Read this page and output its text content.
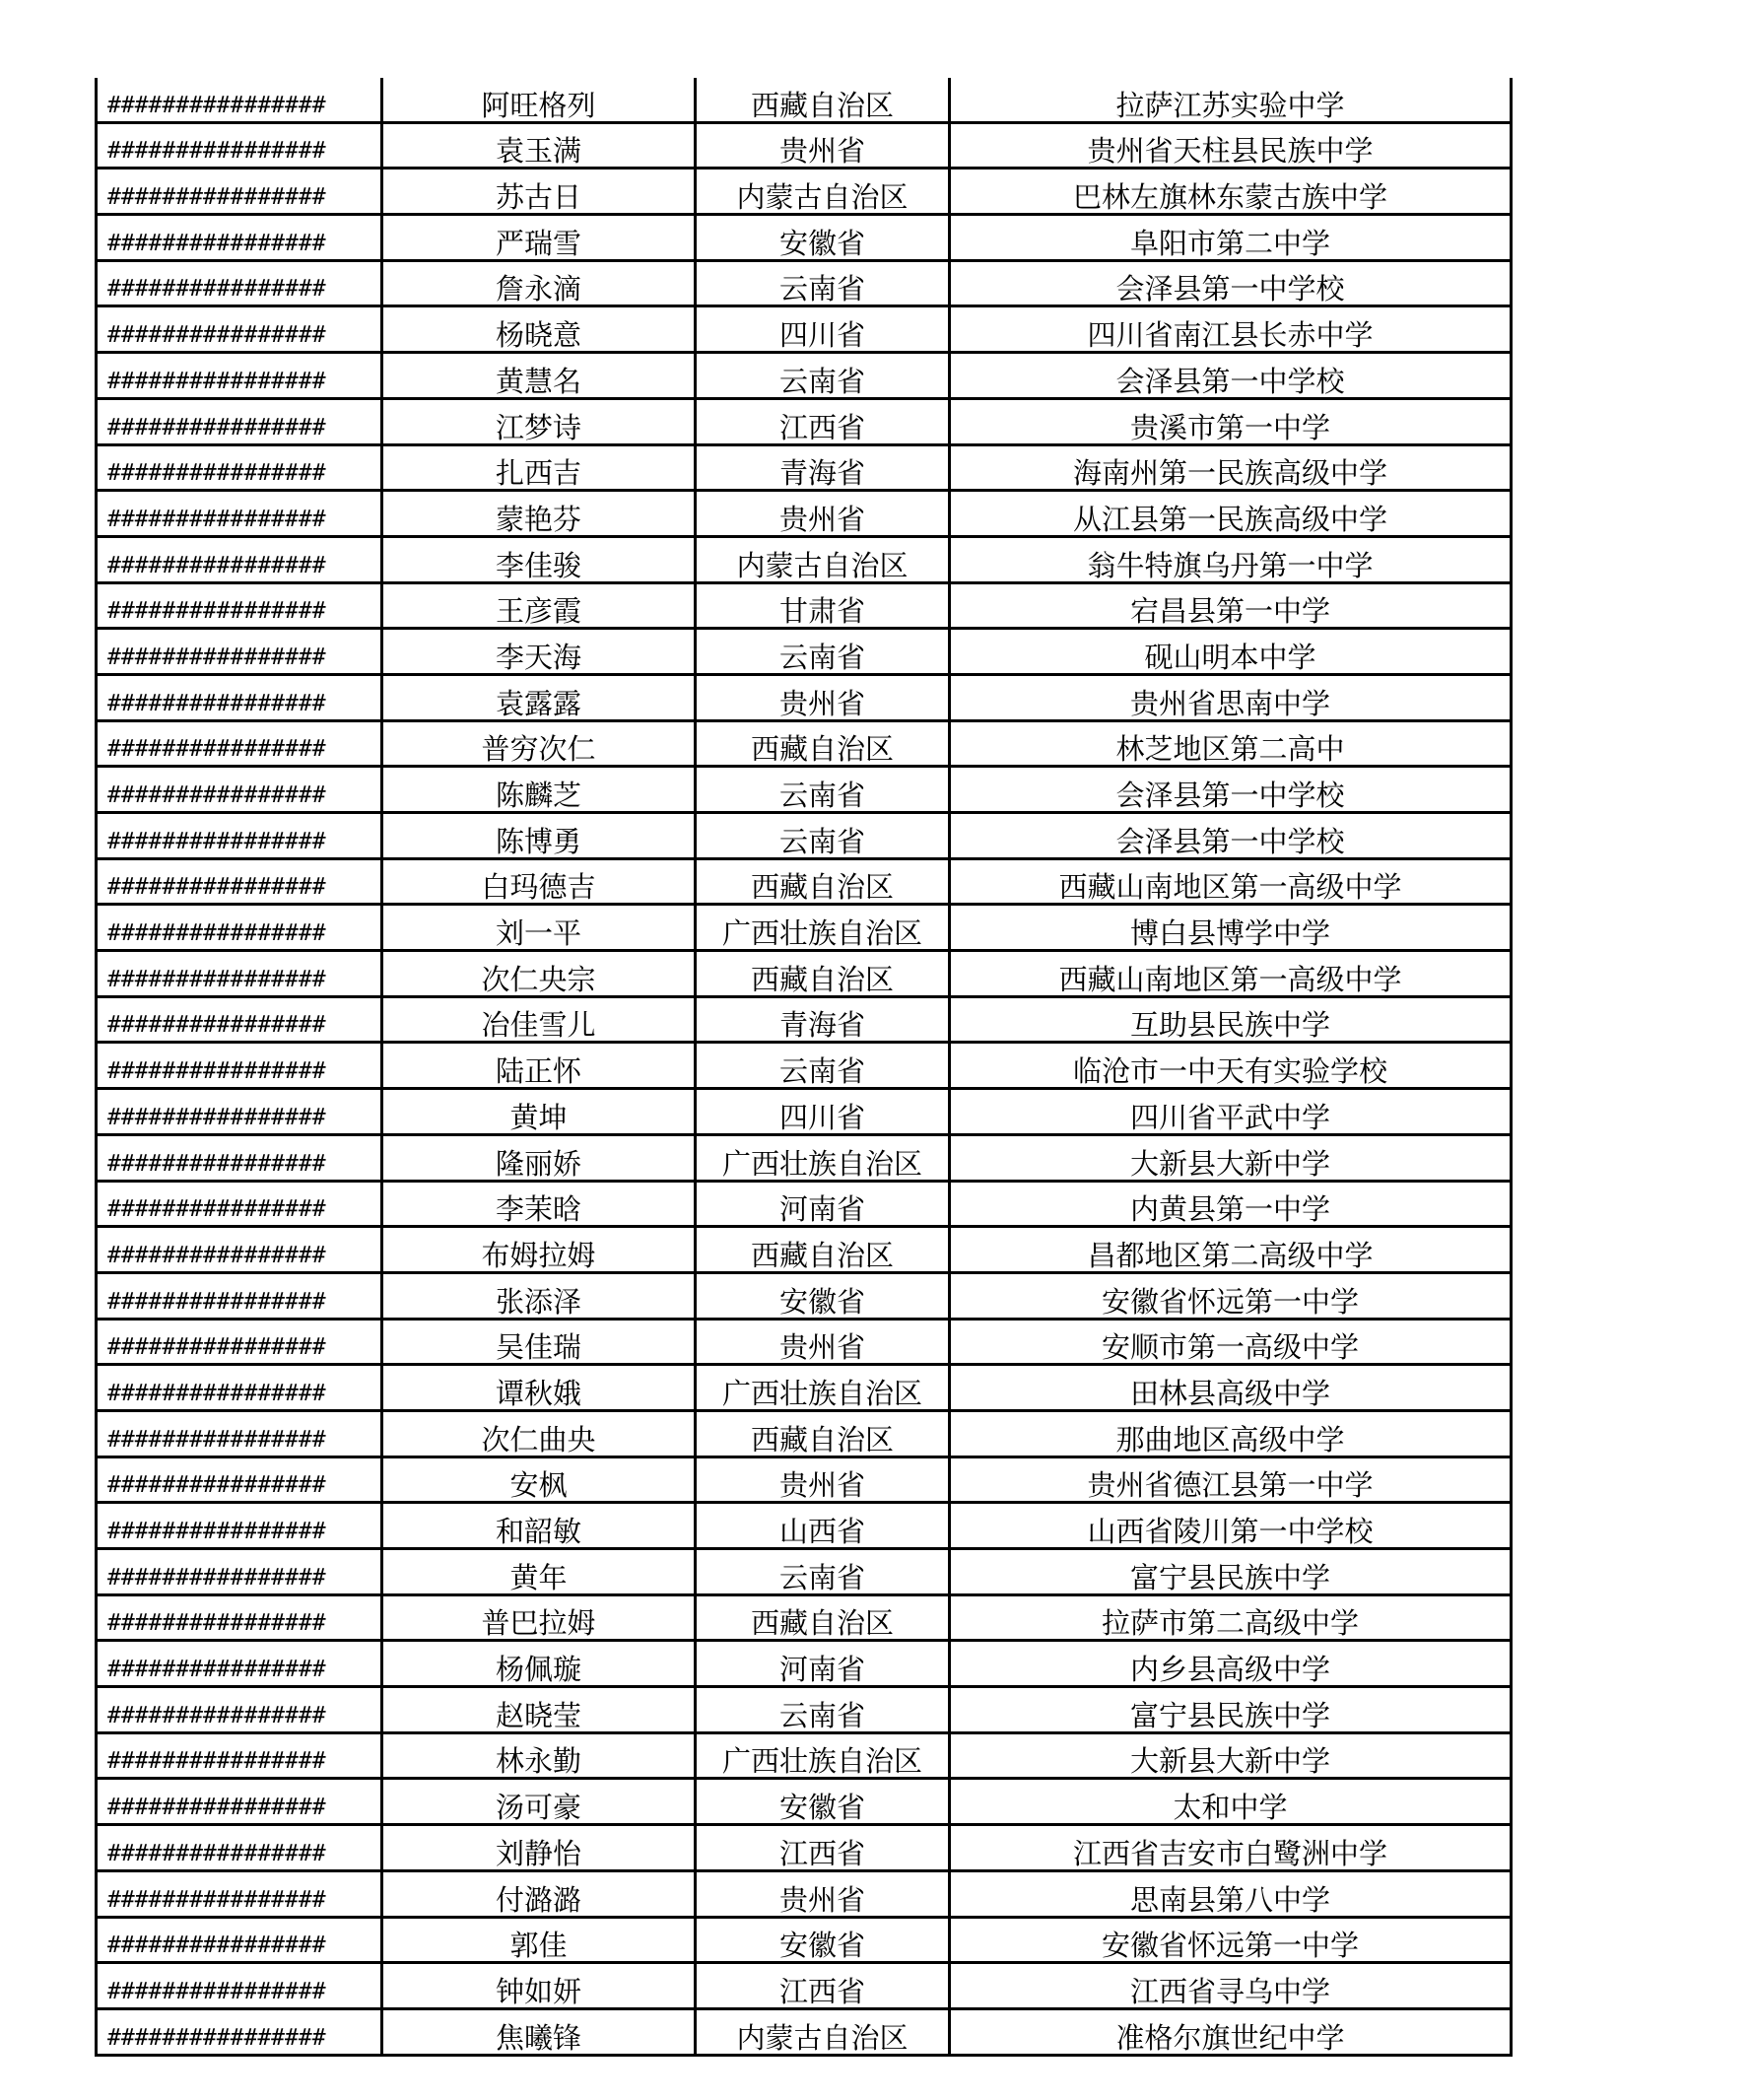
################	阿旺格列	西藏自治区	拉萨江苏实验中学
################	袁玉满	贵州省	贵州省天柱县民族中学
################	苏古日	内蒙古自治区	巴林左旗林东蒙古族中学
################	严瑞雪	安徽省	阜阳市第二中学
################	詹永滴	云南省	会泽县第一中学校
################	杨晓意	四川省	四川省南江县长赤中学
################	黄慧名	云南省	会泽县第一中学校
################	江梦诗	江西省	贵溪市第一中学
################	扎西吉	青海省	海南州第一民族高级中学
################	蒙艳芬	贵州省	从江县第一民族高级中学
################	李佳骏	内蒙古自治区	翁牛特旗乌丹第一中学
################	王彦霞	甘肃省	宕昌县第一中学
################	李天海	云南省	砚山明本中学
################	袁露露	贵州省	贵州省思南中学
################	普穷次仁	西藏自治区	林芝地区第二高中
################	陈麟芝	云南省	会泽县第一中学校
################	陈博勇	云南省	会泽县第一中学校
################	白玛德吉	西藏自治区	西藏山南地区第一高级中学
################	刘一平	广西壮族自治区	博白县博学中学
################	次仁央宗	西藏自治区	西藏山南地区第一高级中学
################	冶佳雪儿	青海省	互助县民族中学
################	陆正怀	云南省	临沧市一中天有实验学校
################	黄坤	四川省	四川省平武中学
################	隆丽娇	广西壮族自治区	大新县大新中学
################	李茉晗	河南省	内黄县第一中学
################	布姆拉姆	西藏自治区	昌都地区第二高级中学
################	张添泽	安徽省	安徽省怀远第一中学
################	吴佳瑞	贵州省	安顺市第一高级中学
################	谭秋娥	广西壮族自治区	田林县高级中学
################	次仁曲央	西藏自治区	那曲地区高级中学
################	安枫	贵州省	贵州省德江县第一中学
################	和韶敏	山西省	山西省陵川第一中学校
################	黄年	云南省	富宁县民族中学
################	普巴拉姆	西藏自治区	拉萨市第二高级中学
################	杨佩璇	河南省	内乡县高级中学
################	赵晓莹	云南省	富宁县民族中学
################	林永勤	广西壮族自治区	大新县大新中学
################	汤可豪	安徽省	太和中学
################	刘静怡	江西省	江西省吉安市白鹭洲中学
################	付潞潞	贵州省	思南县第八中学
################	郭佳	安徽省	安徽省怀远第一中学
################	钟如妍	江西省	江西省寻乌中学
################	焦曦锋	内蒙古自治区	准格尔旗世纪中学
